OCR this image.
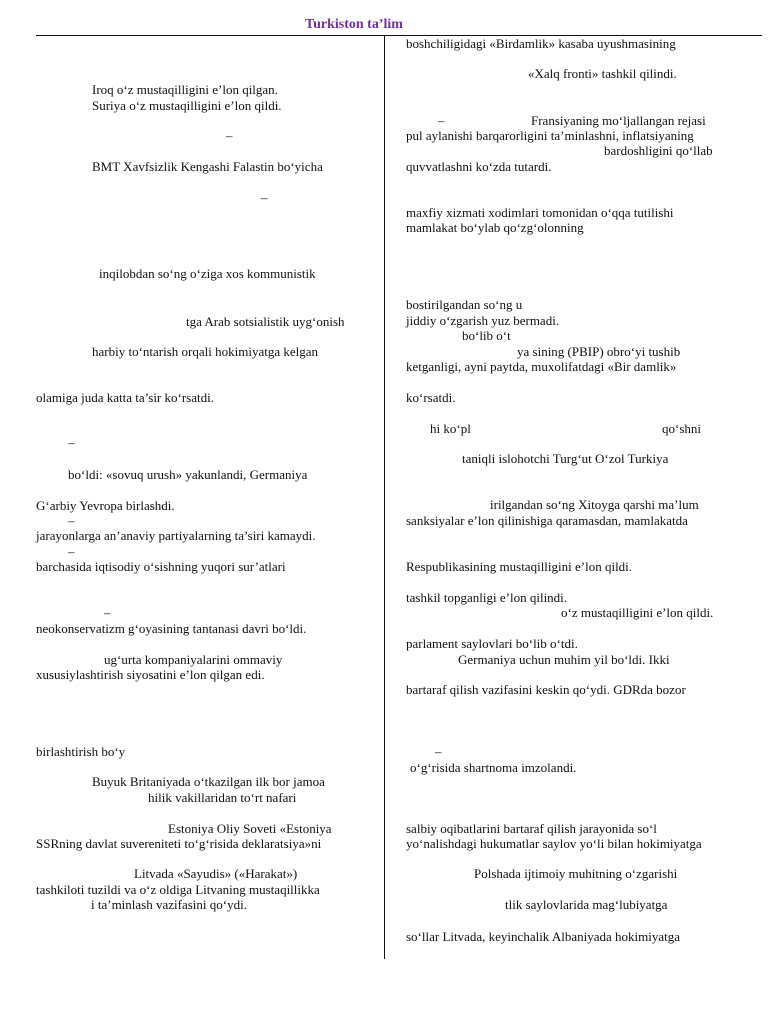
Turkiston ta’lim

Iroq o‘z mustaqilligini e’lon qilgan.

Suriya o‘z mustaqilligini e’lon qildi.

–

BMT Xavfsizlik Kengashi Falastin bo‘yicha

–

inqilobdan so‘ng o‘ziga xos kommunistik

tga Arab sotsialistik uyg‘onish

harbiy to‘ntarish orqali hokimiyatga kelgan

olamiga juda katta ta’sir ko‘rsatdi.

–

bo‘ldi: «sovuq urush» yakunlandi, Germaniya

G‘arbiy Yevropa birlashdi.

–

jarayonlarga an’anaviy partiyalarning ta’siri kamaydi.

–

barchasida iqtisodiy o‘sishning yuqori sur’atlari

–

neokonservatizm g‘oyasining tantanasi davri bo‘ldi.

ug‘urta kompaniyalarini ommaviy

xususiylashtirish siyosatini e’lon qilgan edi.

birlashtirish bo‘y

Buyuk Britaniyada o‘tkazilgan ilk bor jamoa

hilik vakillaridan to‘rt nafari

Estoniya Oliy Soveti «Estoniya

SSRning davlat suvereniteti to‘g‘risida deklaratsiya»ni

Litvada «Sayudis» («Harakat»)

tashkiloti tuzildi va o‘z oldiga Litvaning mustaqillikka

i ta’minlash vazifasini qo‘ydi.

boshchiligidagi «Birdamlik» kasaba uyushmasining

«Xalq fronti» tashkil qilindi.

–	Fransiyaning mo‘ljallangan rejasi

pul aylanishi barqarorligini ta’minlashni, inflatsiyaning

bardoshligini qo‘llab

quvvatlashni ko‘zda tutardi.

maxfiy xizmati xodimlari tomonidan o‘qqa tutilishi

mamlakat bo‘ylab qo‘zg‘olonning

bostirilgandan so‘ng u

jiddiy o‘zgarish yuz bermadi.

bo‘lib o‘t

ya sining (PBIP) obro‘yi tushib

ketganligi, ayni paytda, muxolifatdagi «Bir damlik»

ko‘rsatdi.

hi ko‘pl	qo‘shni

taniqli islohotchi Turg‘ut O‘zol Turkiya

irilgandan so‘ng Xitoyga qarshi ma’lum

sanksiyalar e’lon qilinishiga qaramasdan, mamlakatda

Respublikasining mustaqilligini e’lon qildi.

tashkil topganligi e’lon qilindi.

o‘z mustaqilligini e’lon qildi.

parlament saylovlari bo‘lib o‘tdi.

Germaniya uchun muhim yil bo‘ldi. Ikki

bartaraf qilish vazifasini keskin qo‘ydi. GDRda bozor

–

o‘g‘risida shartnoma imzolandi.

salbiy oqibatlarini bartaraf qilish jarayonida so‘l

yo‘nalishdagi hukumatlar saylov yo‘li bilan hokimiyatga

Polshada ijtimoiy muhitning o‘zgarishi

tlik saylovlarida mag‘lubiyatga

so‘llar Litvada, keyinchalik Albaniyada hokimiyatga
